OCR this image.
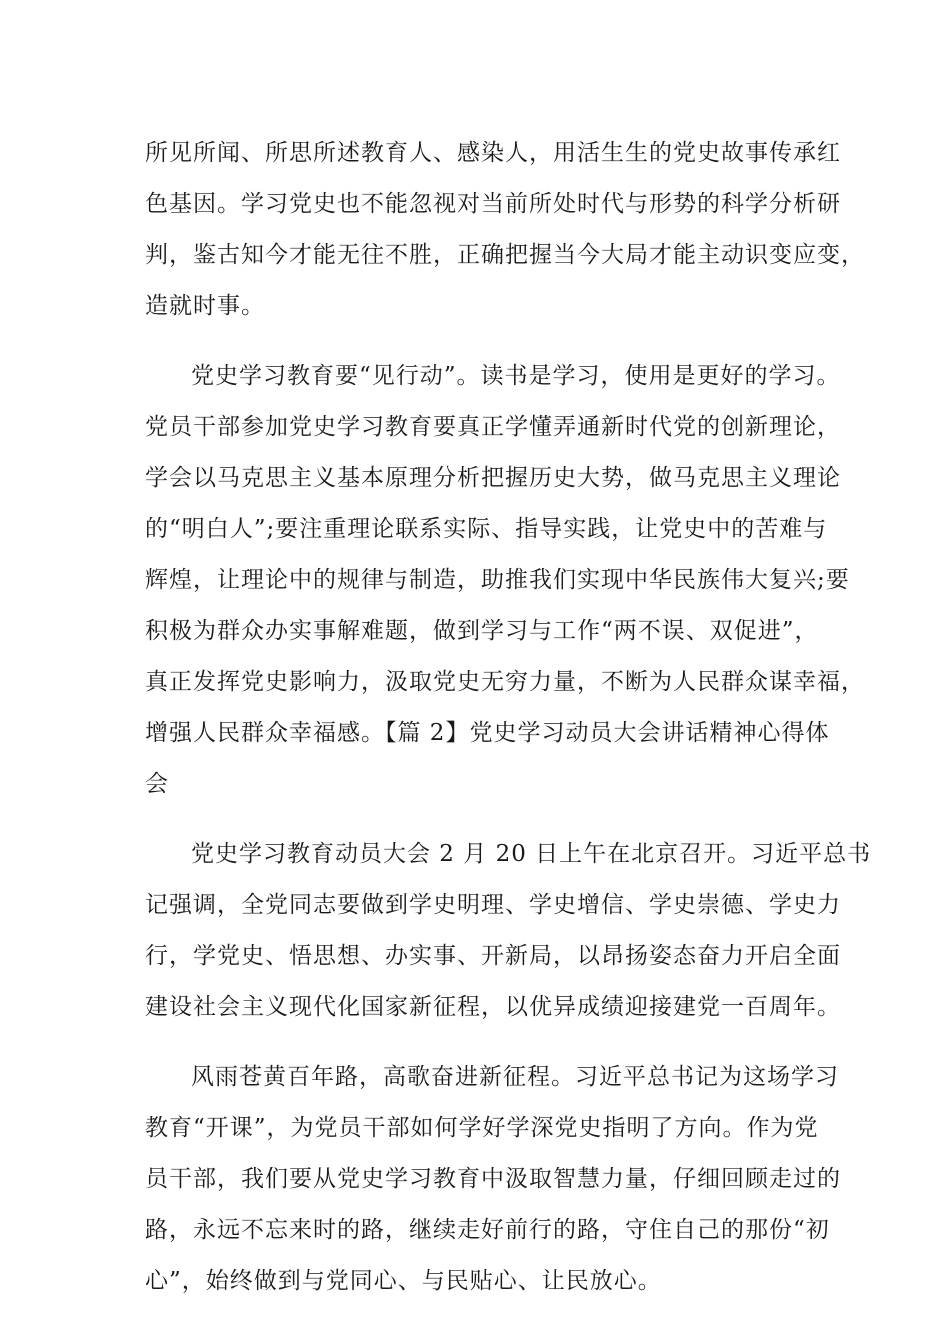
所见所闻、所思所述教育人、感染人，用活生生的党史故事传承红
色基因。学习党史也不能忽视对当前所处时代与形势的科学分析研
判，鉴古知今才能无往不胜，正确把握当今大局才能主动识变应变，
造就时事。
党史学习教育要“见行动”。读书是学习，使用是更好的学习。
党员干部参加党史学习教育要真正学懂弄通新时代党的创新理论，
学会以马克思主义基本原理分析把握历史大势，做马克思主义理论
的“明白人”;要注重理论联系实际、指导实践，让党史中的苦难与
辉煌，让理论中的规律与制造，助推我们实现中华民族伟大复兴;要
积极为群众办实事解难题，做到学习与工作“两不误、双促进”，
真正发挥党史影响力，汲取党史无穷力量，不断为人民群众谋幸福，
增强人民群众幸福感。【篇 2】党史学习动员大会讲话精神心得体
会
党史学习教育动员大会 2 月 20 日上午在北京召开。习近平总书
记强调，全党同志要做到学史明理、学史增信、学史崇德、学史力
行，学党史、悟思想、办实事、开新局，以昂扬姿态奋力开启全面
建设社会主义现代化国家新征程，以优异成绩迎接建党一百周年。
风雨苍黄百年路，高歌奋进新征程。习近平总书记为这场学习
教育“开课”，为党员干部如何学好学深党史指明了方向。作为党
员干部，我们要从党史学习教育中汲取智慧力量，仔细回顾走过的
路，永远不忘来时的路，继续走好前行的路，守住自己的那份“初
心”，始终做到与党同心、与民贴心、让民放心。
